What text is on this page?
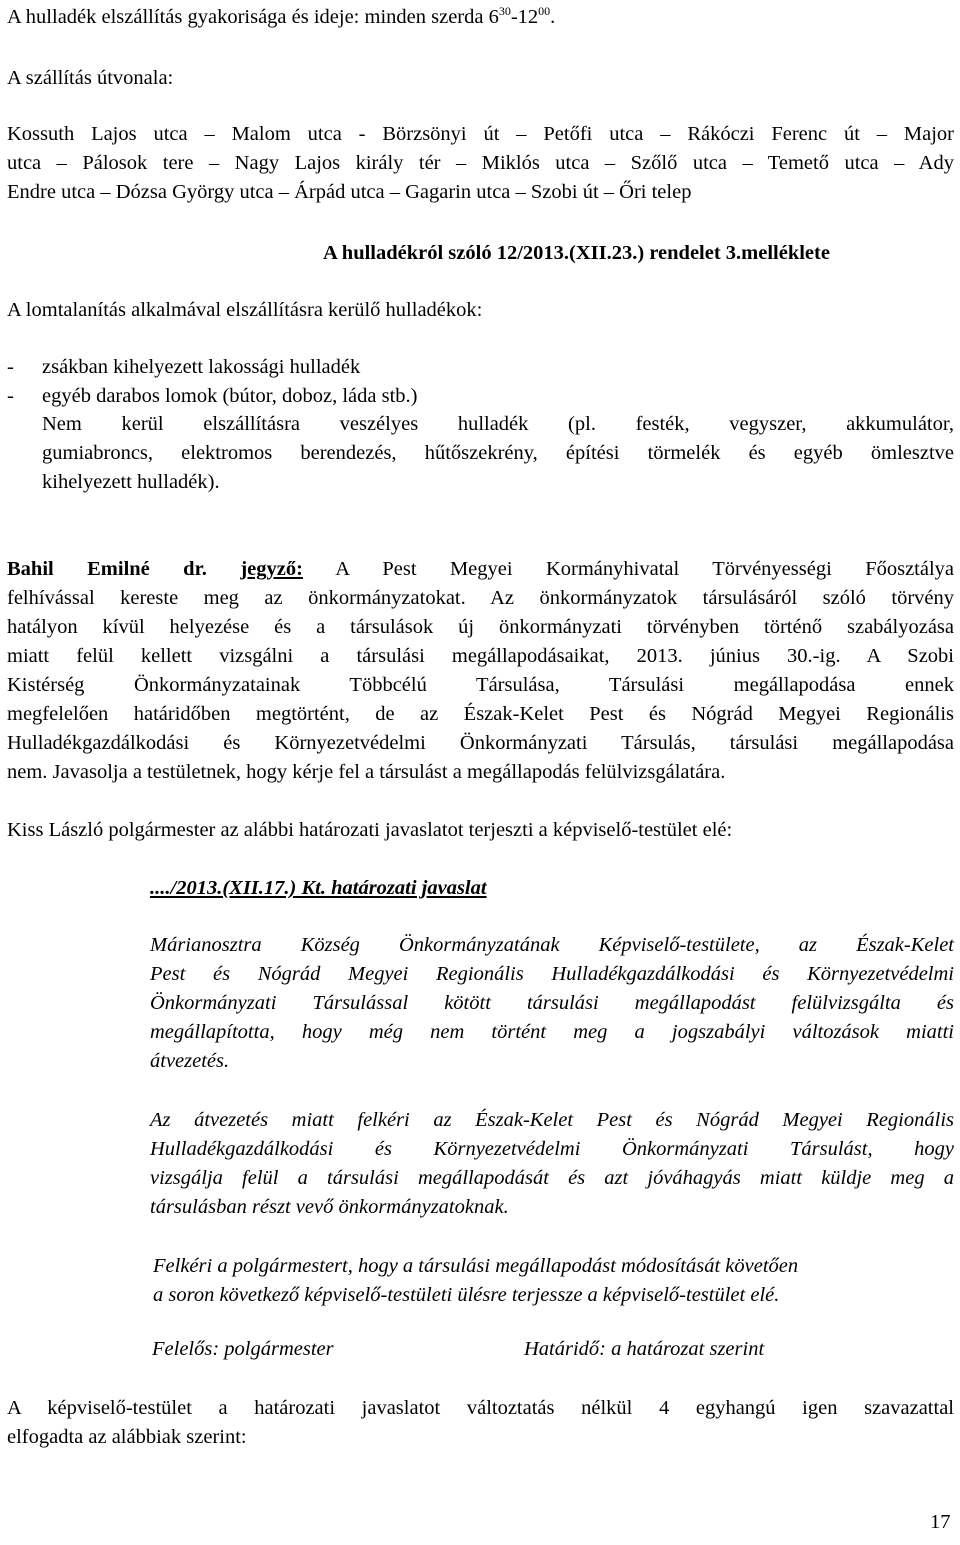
A hulladék elszállítás gyakorisága és ideje: minden szerda $6^{30}-12^{00}$.
A szállítás útvonala:
Kossuth Lajos utca – Malom utca - Börzsönyi út – Petőfi utca – Rákóczi Ferenc út – Major
utca – Pálosok tere – Nagy Lajos király tér – Miklós utca – Szőlő utca – Temető utca – Ady
Endre utca – Dózsa György utca – Árpád utca – Gagarin utca – Szobi út – Őri telep
A hulladékról szóló 12/2013.(XII.23.) rendelet 3.melléklete
A lomtalanítás alkalmával elszállításra kerülő hulladékok:
- zsákban kihelyezett lakossági hulladék
- egyéb darabos lomok (bútor, doboz, láda stb.)
Nem kerül elszállításra veszélyes hulladék (pl. festék, vegyszer, akkumulátor,
gumiabroncs, elektromos berendezés, hűtőszekrény, építési törmelék és egyéb ömlesztve
kihelyezett hulladék).
Bahil Emilné dr. jegyző: A Pest Megyei Kormányhivatal Törvényességi Főosztálya
felhívással kereste meg az önkormányzatokat. Az önkormányzatok társulásáról szóló törvény
hatályon kívül helyezése és a társulások új önkormányzati törvényben történő szabályozása
miatt felül kellett vizsgálni a társulási megállapodásaikat, 2013. június 30.-ig. A Szobi
Kistérség Önkormányzatainak Többcélú Társulása, Társulási megállapodása ennek
megfelelően határidőben megtörtént, de az Észak-Kelet Pest és Nógrád Megyei Regionális
Hulladékgazdálkodási és Környezetvédelmi Önkormányzati Társulás, társulási megállapodása
nem. Javasolja a testületnek, hogy kérje fel a társulást a megállapodás felülvizsgálatára.
Kiss László polgármester az alábbi határozati javaslatot terjeszti a képviselő-testület elé:
..../2013.(XII.17.) Kt. határozati javaslat
Márianosztra Község Önkormányzatának Képviselő-testülete, az Észak-Kelet
Pest és Nógrád Megyei Regionális Hulladékgazdálkodási és Környezetvédelmi
Önkormányzati Társulással kötött társulási megállapodást felülvizsgálta és
megállapította, hogy még nem történt meg a jogszabályi változások miatti
átvezetés.
Az átvezetés miatt felkéri az Észak-Kelet Pest és Nógrád Megyei Regionális
Hulladékgazdálkodási és Környezetvédelmi Önkormányzati Társulást, hogy
vizsgálja felül a társulási megállapodását és azt jóváhagyás miatt küldje meg a
társulásban részt vevő önkormányzatoknak.
Felkéri a polgármestert, hogy a társulási megállapodást módosítását követően
a soron következő képviselő-testületi ülésre terjessze a képviselő-testület elé.
Felelős: polgármester	Határidő: a határozat szerint
A képviselő-testület a határozati javaslatot változtatás nélkül 4 egyhangú igen szavazattal
elfogadta az alábbiak szerint:
17
